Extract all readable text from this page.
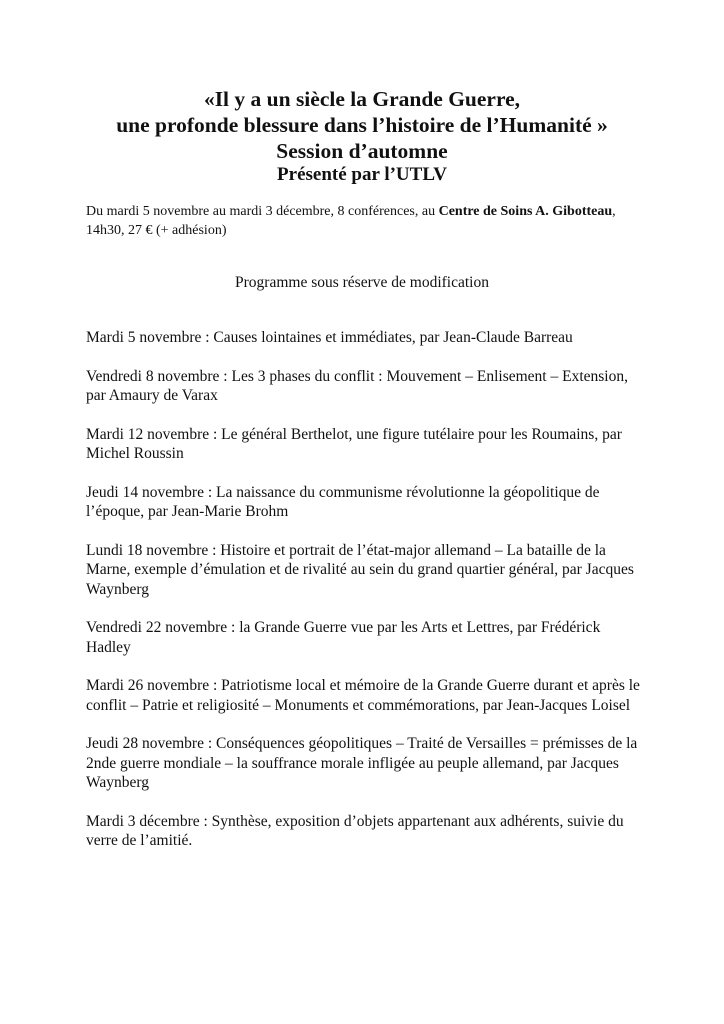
«Il y a un siècle la Grande Guerre,
une profonde blessure dans l’histoire de l’Humanité »
Session d’automne
Présenté par l’UTLV
Du mardi 5 novembre au mardi 3 décembre, 8 conférences, au Centre de Soins A. Gibotteau, 14h30, 27 € (+ adhésion)
Programme sous réserve de modification
Mardi 5 novembre : Causes lointaines et immédiates, par Jean-Claude Barreau
Vendredi 8 novembre : Les 3 phases du conflit : Mouvement – Enlisement – Extension, par Amaury de Varax
Mardi 12 novembre : Le général Berthelot, une figure tutélaire pour les Roumains, par Michel Roussin
Jeudi 14 novembre : La naissance du communisme révolutionne la géopolitique de l’époque, par Jean-Marie Brohm
Lundi 18 novembre : Histoire et portrait de l’état-major allemand – La bataille de la Marne, exemple d’émulation et de rivalité au sein du grand quartier général, par Jacques Waynberg
Vendredi 22 novembre : la Grande Guerre vue par les Arts et Lettres, par Frédérick Hadley
Mardi 26 novembre : Patriotisme local et mémoire de la Grande Guerre durant et après le conflit – Patrie et religiosité – Monuments et commémorations, par Jean-Jacques Loisel
Jeudi 28 novembre : Conséquences géopolitiques – Traité de Versailles = prémisses de la 2nde guerre mondiale – la souffrance morale infligée au peuple allemand, par Jacques Waynberg
Mardi 3 décembre : Synthèse, exposition d’objets appartenant aux adhérents, suivie du verre de l’amitié.
